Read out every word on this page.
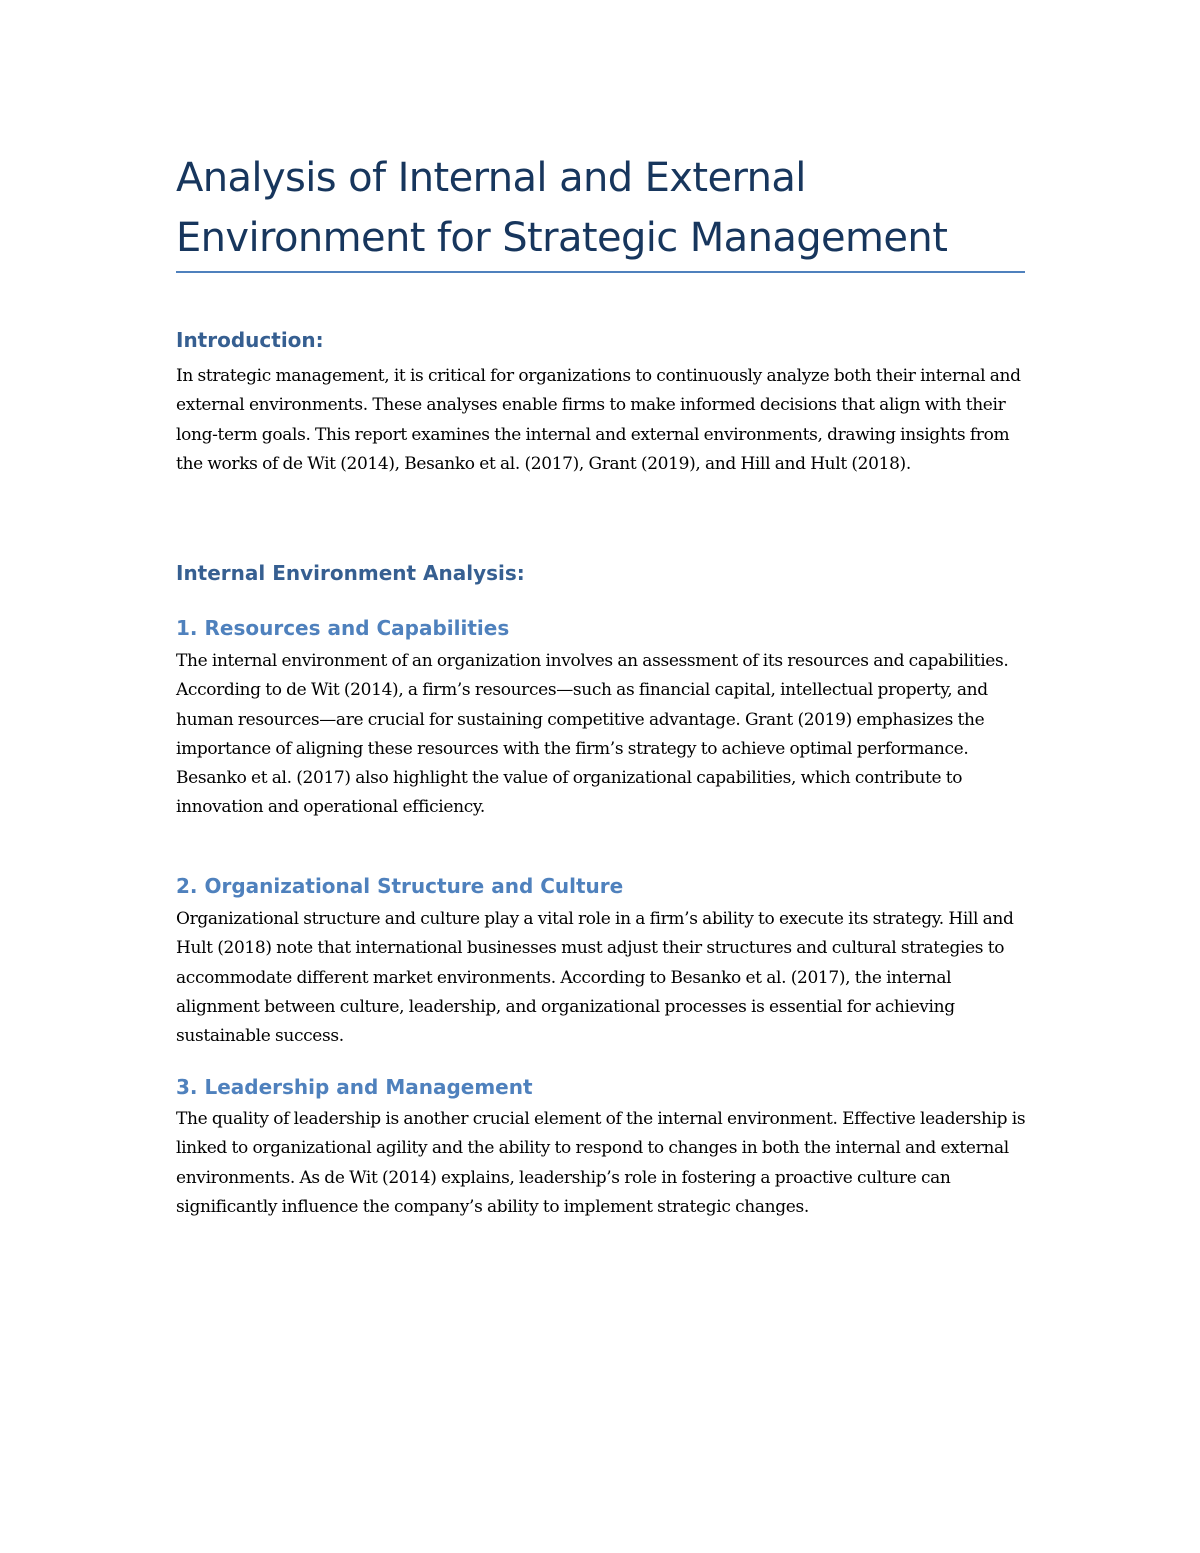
Analysis of Internal and External
Environment for Strategic Management
Introduction:

In strategic management, it is critical for organizations to continuously analyze both their internal and external environments. These analyses enable firms to make informed decisions that align with their long-term goals. This report examines the internal and external environments, drawing insights from the works of de Wit (2014), Besanko et al. (2017), Grant (2019), and Hill and Hult (2018).

Internal Environment Analysis:
1. Resources and Capabilities

The internal environment of an organization involves an assessment of its resources and capabilities. According to de Wit (2014), a firm’s resources—such as financial capital, intellectual property, and human resources—are crucial for sustaining competitive advantage. Grant (2019) emphasizes the importance of aligning these resources with the firm’s strategy to achieve optimal performance. Besanko et al. (2017) also highlight the value of organizational capabilities, which contribute to innovation and operational efficiency.

2. Organizational Structure and Culture

Organizational structure and culture play a vital role in a firm’s ability to execute its strategy. Hill and Hult (2018) note that international businesses must adjust their structures and cultural strategies to accommodate different market environments. According to Besanko et al. (2017), the internal alignment between culture, leadership, and organizational processes is essential for achieving sustainable success.

3. Leadership and Management

The quality of leadership is another crucial element of the internal environment. Effective leadership is linked to organizational agility and the ability to respond to changes in both the internal and external environments. As de Wit (2014) explains, leadership’s role in fostering a proactive culture can significantly influence the company’s ability to implement strategic changes.
